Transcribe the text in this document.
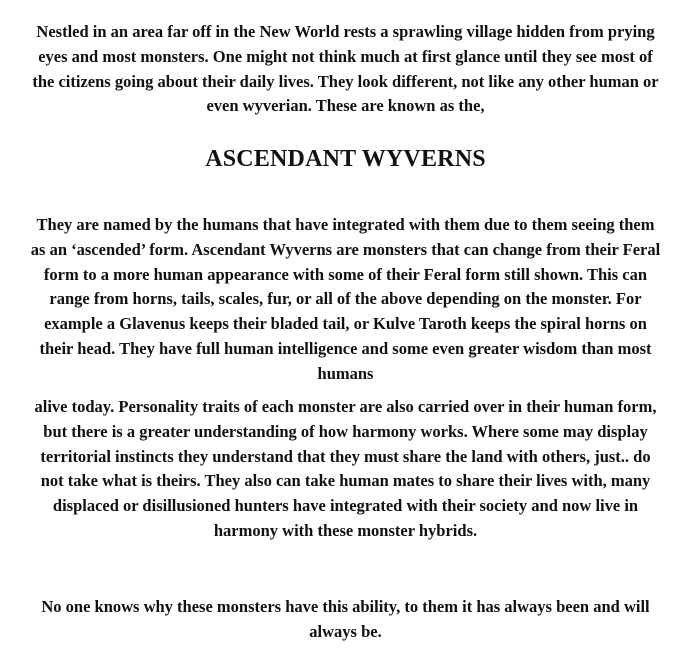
Nestled in an area far off in the New World rests a sprawling village hidden from prying eyes and most monsters. One might not think much at first glance until they see most of the citizens going about their daily lives. They look different, not like any other human or even wyverian. These are known as the,

ASCENDANT WYVERNS

They are named by the humans that have integrated with them due to them seeing them as an ‘ascended’ form. Ascendant Wyverns are monsters that can change from their Feral form to a more human appearance with some of their Feral form still shown. This can range from horns, tails, scales, fur, or all of the above depending on the monster. For example a Glavenus keeps their bladed tail, or Kulve Taroth keeps the spiral horns on their head. They have full human intelligence and some even greater wisdom than most humans

alive today. Personality traits of each monster are also carried over in their human form, but there is a greater understanding of how harmony works. Where some may display territorial instincts they understand that they must share the land with others, just.. do not take what is theirs. They also can take human mates to share their lives with, many displaced or disillusioned hunters have integrated with their society and now live in harmony with these monster hybrids.

No one knows why these monsters have this ability, to them it has always been and will always be.
